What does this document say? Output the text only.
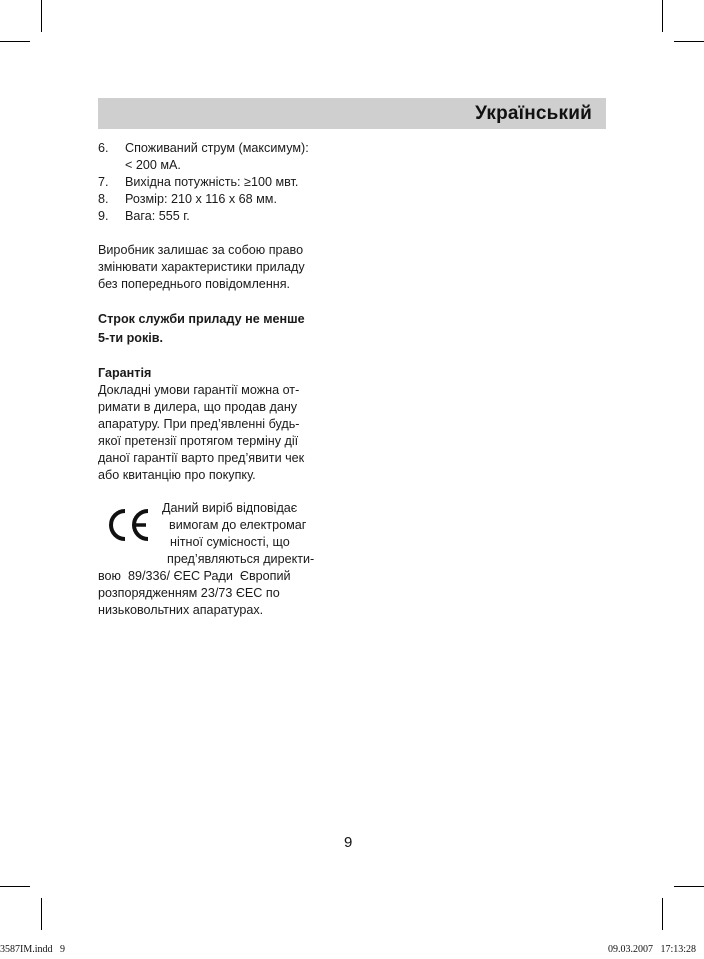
Український
6.	Споживаний струм (максимум):
< 200 мА.
7.	Вихідна потужність: ≥100 мвт.
8.	Розмір: 210 х 116 х 68 мм.
9.	Вага: 555 г.

Виробник залишає за собою право
змінювати характеристики приладу
без попереднього повідомлення.

Строк служби приладу не менше
5-ти років.

Гарантія

Докладні умови гарантії можна от-
римати в дилера, що продав дану
апаратуру. При пред’явленні будь-
якої претензії протягом терміну дії
даної гарантії варто пред’явити чек
або квитанцію про покупку.

Даний виріб відповідає
вимогам до електромаг
нітної сумісності, що
пред’являються директи-

вою  89/336/ ЄЕС Ради  Європий
розпорядженням 23/73 ЄЕС по
низьковольтних апаратурах.

9
3587IM.indd   9	09.03.2007   17:13:28
